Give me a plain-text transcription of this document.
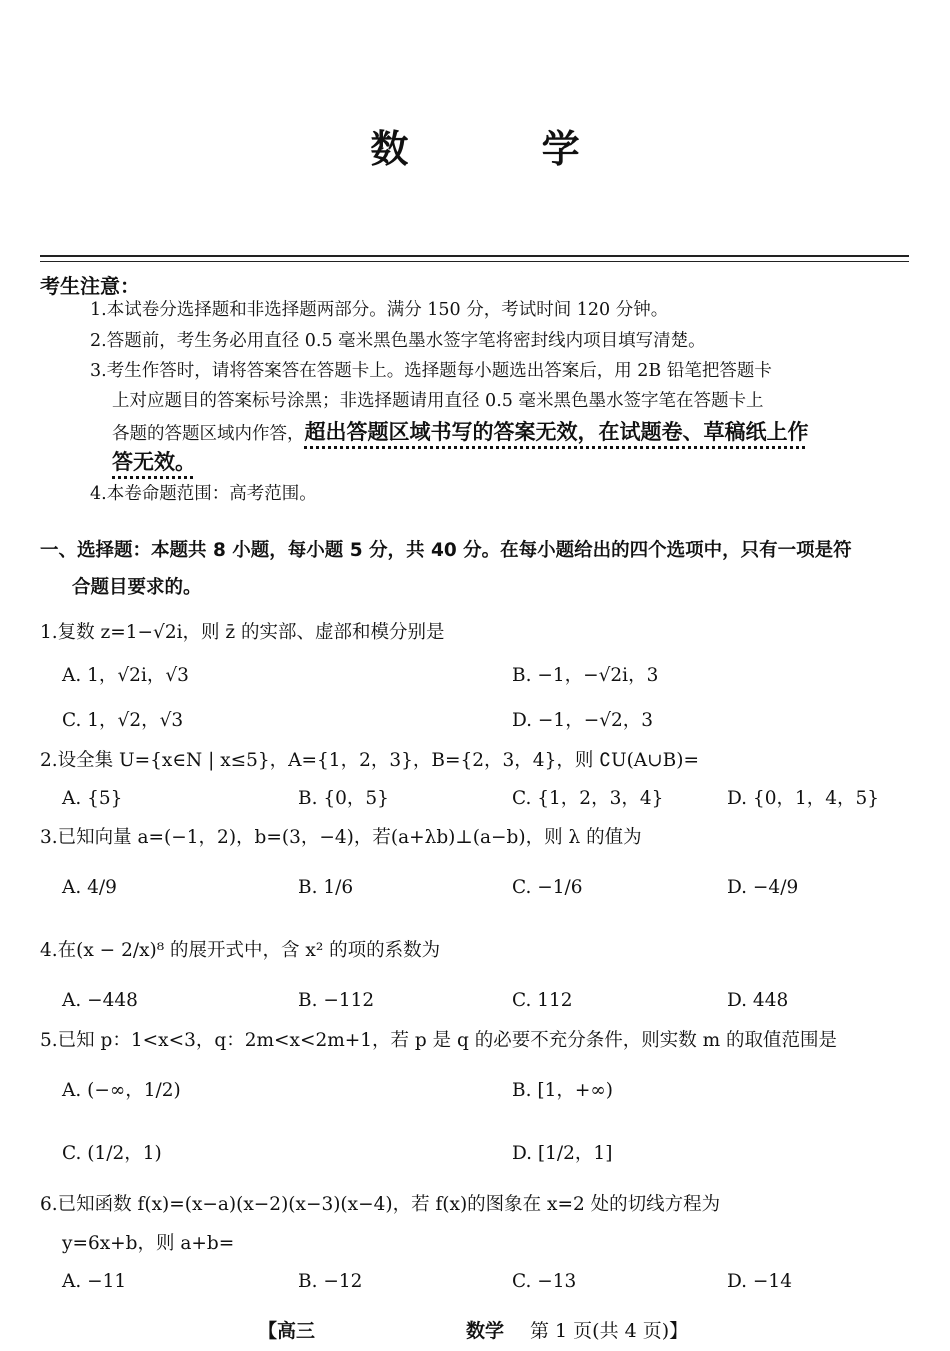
数 学
考生注意：
1.本试卷分选择题和非选择题两部分。满分 150 分，考试时间 120 分钟。
2.答题前，考生务必用直径 0.5 毫米黑色墨水签字笔将密封线内项目填写清楚。
3.考生作答时，请将答案答在答题卡上。选择题每小题选出答案后，用 2B 铅笔把答题卡
上对应题目的答案标号涂黑；非选择题请用直径 0.5 毫米黑色墨水签字笔在答题卡上
各题的答题区域内作答，超出答题区域书写的答案无效，在试题卷、草稿纸上作
答无效。
4.本卷命题范围：高考范围。
一、选择题：本题共 8 小题，每小题 5 分，共 40 分。在每小题给出的四个选项中，只有一项是符
合题目要求的。
1.复数 z=1−√2i，则 z̄ 的实部、虚部和模分别是
A. 1，√2i，√3	B. −1，−√2i，3
C. 1，√2，√3	D. −1，−√2，3
2.设全集 U={x∈N | x≤5}，A={1，2，3}，B={2，3，4}，则 ∁U(A∪B)=
A. {5}	B. {0，5}	C. {1，2，3，4}	D. {0，1，4，5}
3.已知向量 a=(−1，2)，b=(3，−4)，若(a+λb)⊥(a−b)，则 λ 的值为
A. 4/9	B. 1/6	C. −1/6	D. −4/9
4.在(x − 2/x)⁸ 的展开式中，含 x² 的项的系数为
A. −448	B. −112	C. 112	D. 448
5.已知 p：1<x<3，q：2m<x<2m+1，若 p 是 q 的必要不充分条件，则实数 m 的取值范围是
A. (−∞，1/2)	B. [1，+∞)
C. (1/2，1)	D. [1/2，1]
6.已知函数 f(x)=(x−a)(x−2)(x−3)(x−4)，若 f(x)的图象在 x=2 处的切线方程为
y=6x+b，则 a+b=
A. −11	B. −12	C. −13	D. −14
【高三	数学 第 1 页(共 4 页)】
